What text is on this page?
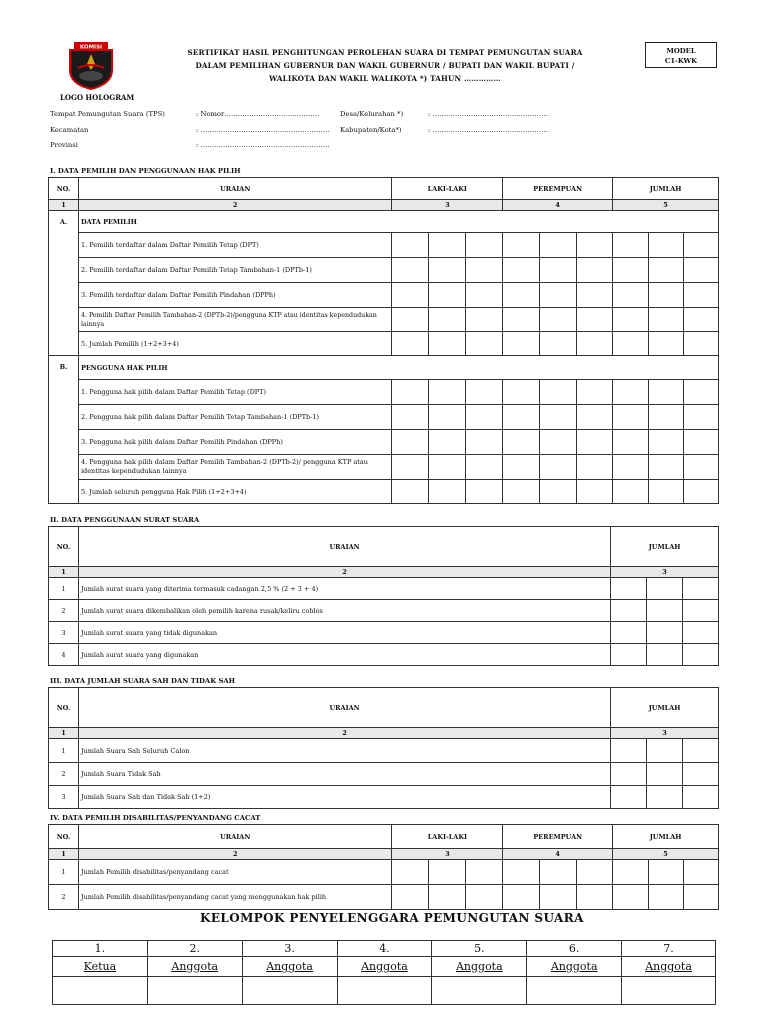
KOMISI
SERTIFIKAT HASIL PENGHITUNGAN PEROLEHAN SUARA DI TEMPAT PEMUNGUTAN SUARA
DALAM PEMILIHAN GUBERNUR DAN WAKIL GUBERNUR / BUPATI DAN WAKIL BUPATI /
WALIKOTA DAN WAKIL WALIKOTA *) TAHUN ……………
MODEL
C1-KWK
LOGO HOLOGRAM
Tempat Pemungutan Suara (TPS)	: Nomor……………………………………	Desa/Kelurahan *)	: ……………………………………………
Kecamatan	: ………………………………………………… Kabupaten/Kota*)	: ……………………………………………
Provinsi	: …………………………………………………
I. DATA PEMILIH DAN PENGGUNAAN HAK PILIH
NO.	URAIAN	LAKI-LAKI			PEREMPUAN			JUMLAH		
1	2	3			4			5		
A.	DATA PEMILIH									
	1. Pemilih terdaftar dalam Daftar Pemilih Tetap (DPT)									
	2. Pemilih terdaftar dalam Daftar Pemilih Tetap Tambahan-1 (DPTb-1)									
	3. Pemilih terdaftar dalam Daftar Pemilih Pindahan (DPPh)									
	4. Pemilih Daftar Pemilih Tambahan-2 (DPTb-2)/pengguna KTP atau identitas kependudukan lainnya									
	5. Jumlah Pemilih (1+2+3+4)									
B.	PENGGUNA HAK PILIH									
	1. Pengguna hak pilih dalam Daftar Pemilih Tetap (DPT)									
	2. Pengguna hak pilih dalam Daftar Pemilih Tetap Tambahan-1 (DPTb-1)									
	3. Pengguna hak pilih dalam Daftar Pemilih Pindahan (DPPh)									
	4. Pengguna hak pilih dalam Daftar Pemilih Tambahan-2 (DPTb-2)/ pengguna KTP atau identitas kependudukan lainnya									
	5. Jumlah seluruh pengguna Hak Pilih (1+2+3+4)									
II. DATA PENGGUNAAN SURAT SUARA
NO.	URAIAN	JUMLAH		
1	2	3		
1	Jumlah surat suara yang diterima termasuk cadangan 2,5 % (2 + 3 + 4)			
2	Jumlah surat suara dikembalikan oleh pemilih karena rusak/keliru coblos			
3	Jumlah surat suara yang tidak digunakan			
4	Jumlah surat suara yang digunakan			
III. DATA JUMLAH SUARA SAH DAN TIDAK SAH
NO.	URAIAN	JUMLAH		
1	2	3		
1	Jumlah Suara Sah Seluruh Calon			
2	Jumlah Suara Tidak Sah			
3	Jumlah Suara Sah dan Tidak Sah (1+2)			
IV. DATA PEMILIH DISABILITAS/PENYANDANG CACAT
NO.	URAIAN	LAKI-LAKI			PEREMPUAN			JUMLAH		
1	2	3			4			5		
1	Jumlah Pemilih disabilitas/penyandang cacat									
2	Jumlah Pemilih disabilitas/penyandang cacat yang menggunakan hak pilih									
KELOMPOK PENYELENGGARA PEMUNGUTAN SUARA
1.	2.	3.	4.	5.	6.	7.
Ketua	Anggota	Anggota	Anggota	Anggota	Anggota	Anggota
